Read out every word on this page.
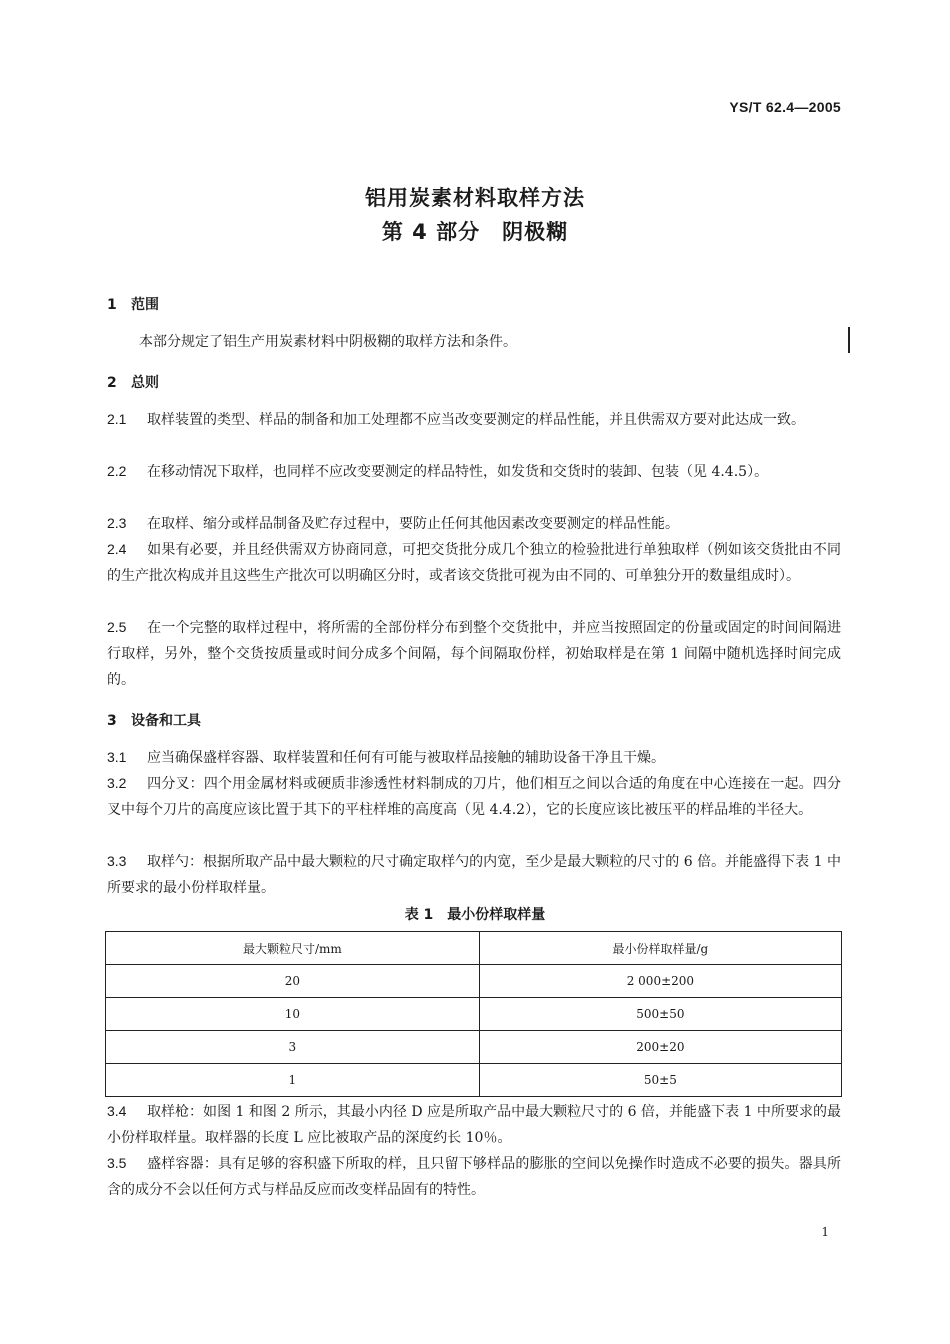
YS/T 62.4—2005
铝用炭素材料取样方法
第 4 部分　阴极糊
1 范围
本部分规定了铝生产用炭素材料中阴极糊的取样方法和条件。
2 总则
2.1 取样装置的类型、样品的制备和加工处理都不应当改变要测定的样品性能，并且供需双方要对此达成一致。
2.2 在移动情况下取样，也同样不应改变要测定的样品特性，如发货和交货时的装卸、包装（见 4.4.5）。
2.3 在取样、缩分或样品制备及贮存过程中，要防止任何其他因素改变要测定的样品性能。
2.4 如果有必要，并且经供需双方协商同意，可把交货批分成几个独立的检验批进行单独取样（例如该交货批由不同的生产批次构成并且这些生产批次可以明确区分时，或者该交货批可视为由不同的、可单独分开的数量组成时）。
2.5 在一个完整的取样过程中，将所需的全部份样分布到整个交货批中，并应当按照固定的份量或固定的时间间隔进行取样，另外，整个交货按质量或时间分成多个间隔，每个间隔取份样，初始取样是在第 1 间隔中随机选择时间完成的。
3 设备和工具
3.1 应当确保盛样容器、取样装置和任何有可能与被取样品接触的辅助设备干净且干燥。
3.2 四分叉：四个用金属材料或硬质非渗透性材料制成的刀片，他们相互之间以合适的角度在中心连接在一起。四分叉中每个刀片的高度应该比置于其下的平柱样堆的高度高（见 4.4.2），它的长度应该比被压平的样品堆的半径大。
3.3 取样勺：根据所取产品中最大颗粒的尺寸确定取样勺的内宽，至少是最大颗粒的尺寸的 6 倍。并能盛得下表 1 中所要求的最小份样取样量。
表 1　最小份样取样量
最大颗粒尺寸/mm	最小份样取样量/g
20	2 000±200
10	500±50
3	200±20
1	50±5
3.4 取样枪：如图 1 和图 2 所示，其最小内径 D 应是所取产品中最大颗粒尺寸的 6 倍，并能盛下表 1 中所要求的最小份样取样量。取样器的长度 L 应比被取产品的深度约长 10％。
3.5 盛样容器：具有足够的容积盛下所取的样，且只留下够样品的膨胀的空间以免操作时造成不必要的损失。器具所含的成分不会以任何方式与样品反应而改变样品固有的特性。
1
